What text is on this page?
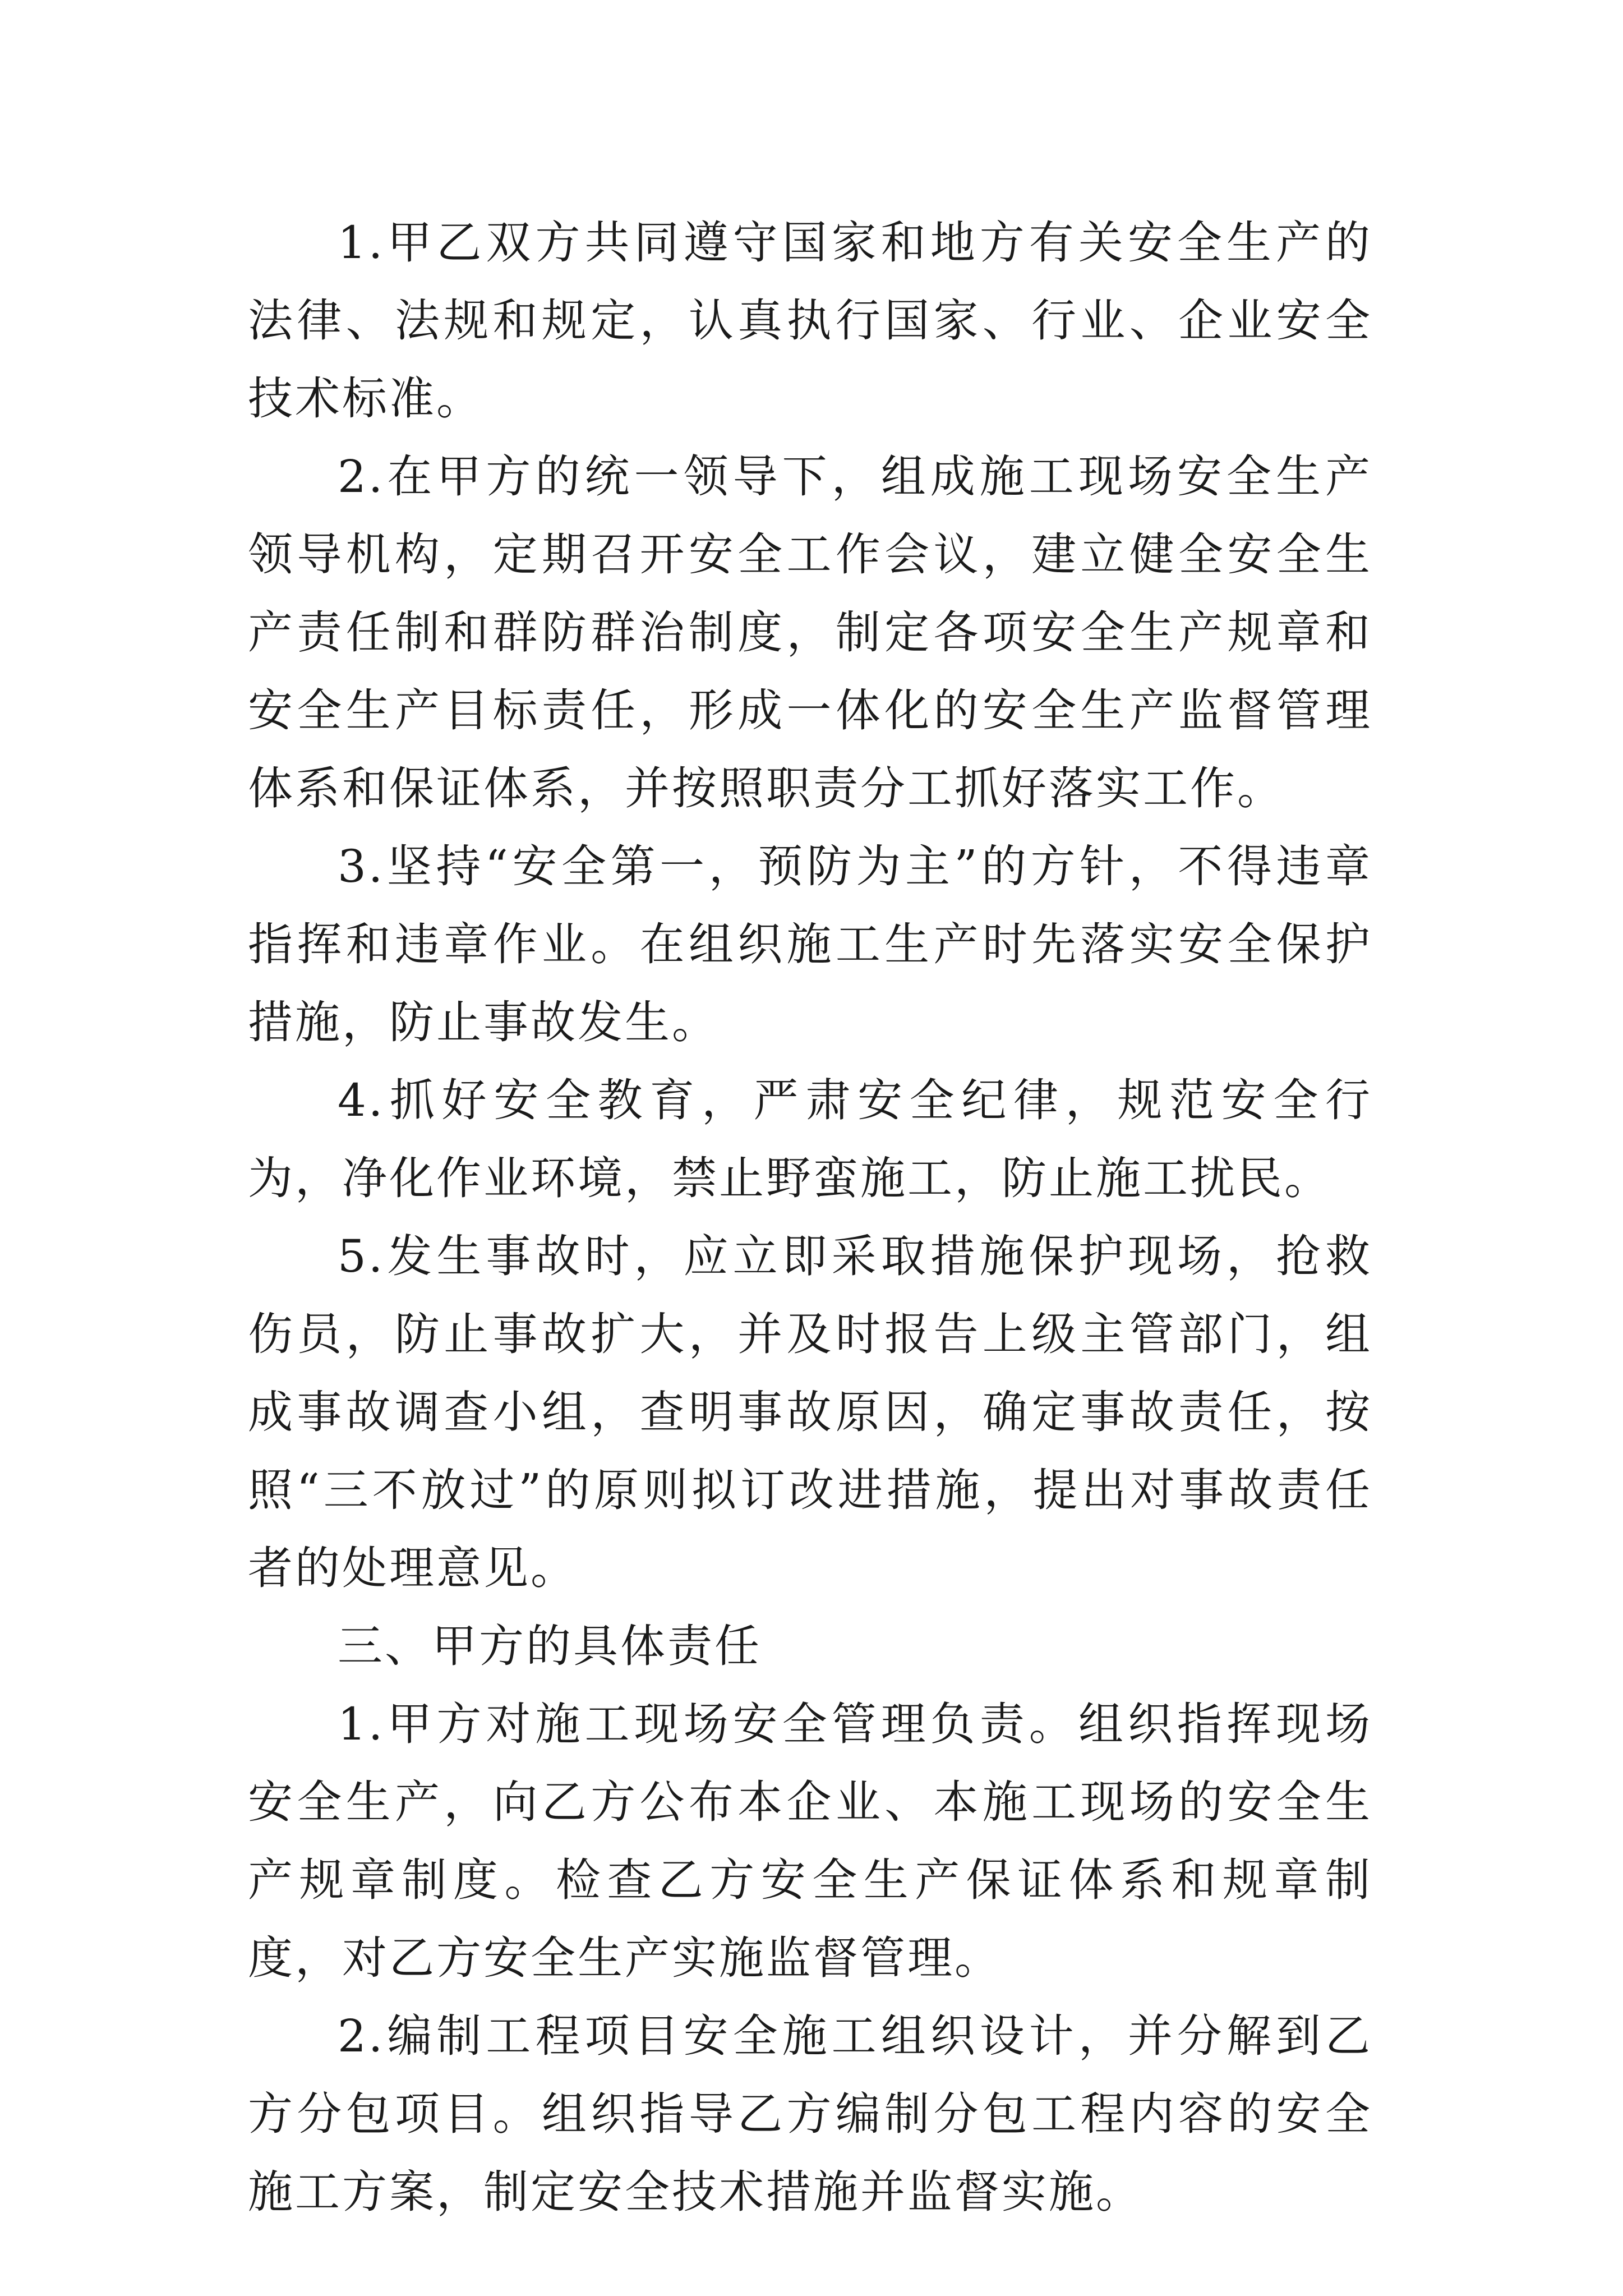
1.甲乙双方共同遵守国家和地方有关安全生产的法律、法规和规定，认真执行国家、行业、企业安全技术标准。

2.在甲方的统一领导下，组成施工现场安全生产领导机构，定期召开安全工作会议，建立健全安全生产责任制和群防群治制度，制定各项安全生产规章和安全生产目标责任，形成一体化的安全生产监督管理体系和保证体系，并按照职责分工抓好落实工作。

3.坚持“安全第一，预防为主”的方针，不得违章指挥和违章作业。在组织施工生产时先落实安全保护措施，防止事故发生。

4.抓好安全教育，严肃安全纪律，规范安全行为，净化作业环境，禁止野蛮施工，防止施工扰民。

5.发生事故时，应立即采取措施保护现场，抢救伤员，防止事故扩大，并及时报告上级主管部门，组成事故调查小组，查明事故原因，确定事故责任，按照“三不放过”的原则拟订改进措施，提出对事故责任者的处理意见。

三、甲方的具体责任

1.甲方对施工现场安全管理负责。组织指挥现场安全生产，向乙方公布本企业、本施工现场的安全生产规章制度。检查乙方安全生产保证体系和规章制度，对乙方安全生产实施监督管理。

2.编制工程项目安全施工组织设计，并分解到乙方分包项目。组织指导乙方编制分包工程内容的安全施工方案，制定安全技术措施并监督实施。
